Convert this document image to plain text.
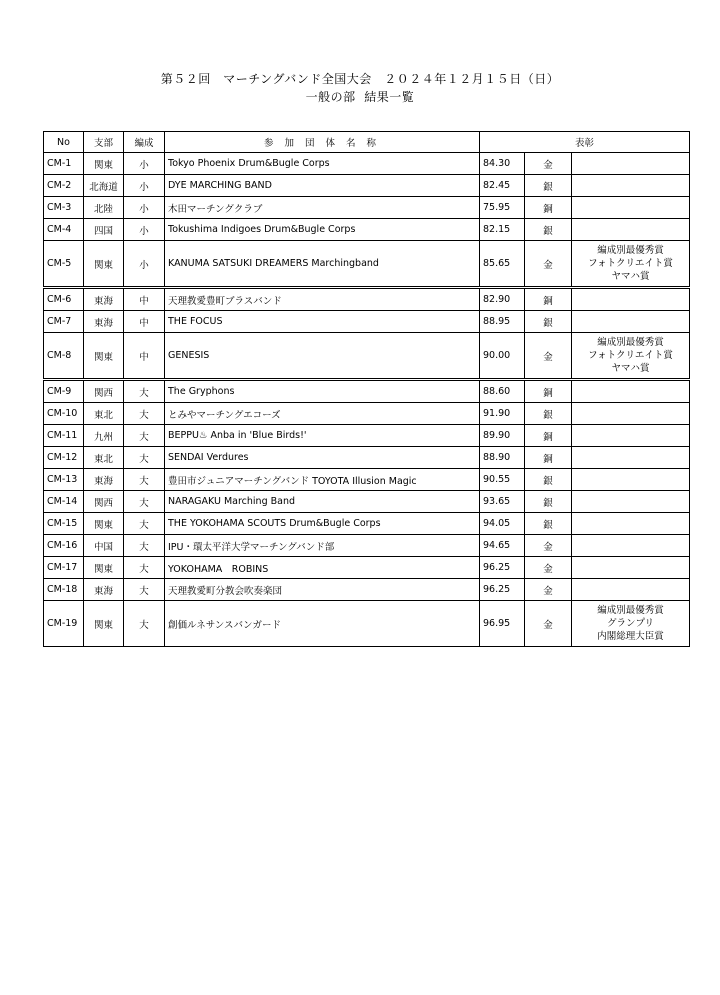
第５２回　マーチングバンド全国大会　２０２４年１２月１５日（日）
一般の部  結果一覧
No	支部	編成	参 加 団 体 名 称	表彰		
CM-1	関東	小	Tokyo Phoenix Drum&Bugle Corps	84.30	金	
CM-2	北海道	小	DYE MARCHING BAND	82.45	銀	
CM-3	北陸	小	木田マーチングクラブ	75.95	銅	
CM-4	四国	小	Tokushima Indigoes Drum&Bugle Corps	82.15	銀	
CM-5	関東	小	KANUMA SATSUKI DREAMERS Marchingband	85.65	金	編成別最優秀賞
フォトクリエイト賞
ヤマハ賞

CM-6	東海	中	天理教愛豊町ブラスバンド	82.90	銅	
CM-7	東海	中	THE FOCUS	88.95	銀	
CM-8	関東	中	GENESIS	90.00	金	編成別最優秀賞
フォトクリエイト賞
ヤマハ賞

CM-9	関西	大	The Gryphons	88.60	銅	
CM-10	東北	大	とみやマーチングエコーズ	91.90	銀	
CM-11	九州	大	BEPPU♨ Anba in 'Blue Birds!'	89.90	銅	
CM-12	東北	大	SENDAI Verdures	88.90	銅	
CM-13	東海	大	豊田市ジュニアマーチングバンド TOYOTA Illusion Magic	90.55	銀	
CM-14	関西	大	NARAGAKU Marching Band	93.65	銀	
CM-15	関東	大	THE YOKOHAMA SCOUTS Drum&Bugle Corps	94.05	銀	
CM-16	中国	大	IPU・環太平洋大学マーチングバンド部	94.65	金	
CM-17	関東	大	YOKOHAMA　ROBINS	96.25	金	
CM-18	東海	大	天理教愛町分教会吹奏楽団	96.25	金	
CM-19	関東	大	創価ルネサンスバンガード	96.95	金	編成別最優秀賞
グランプリ
内閣総理大臣賞
